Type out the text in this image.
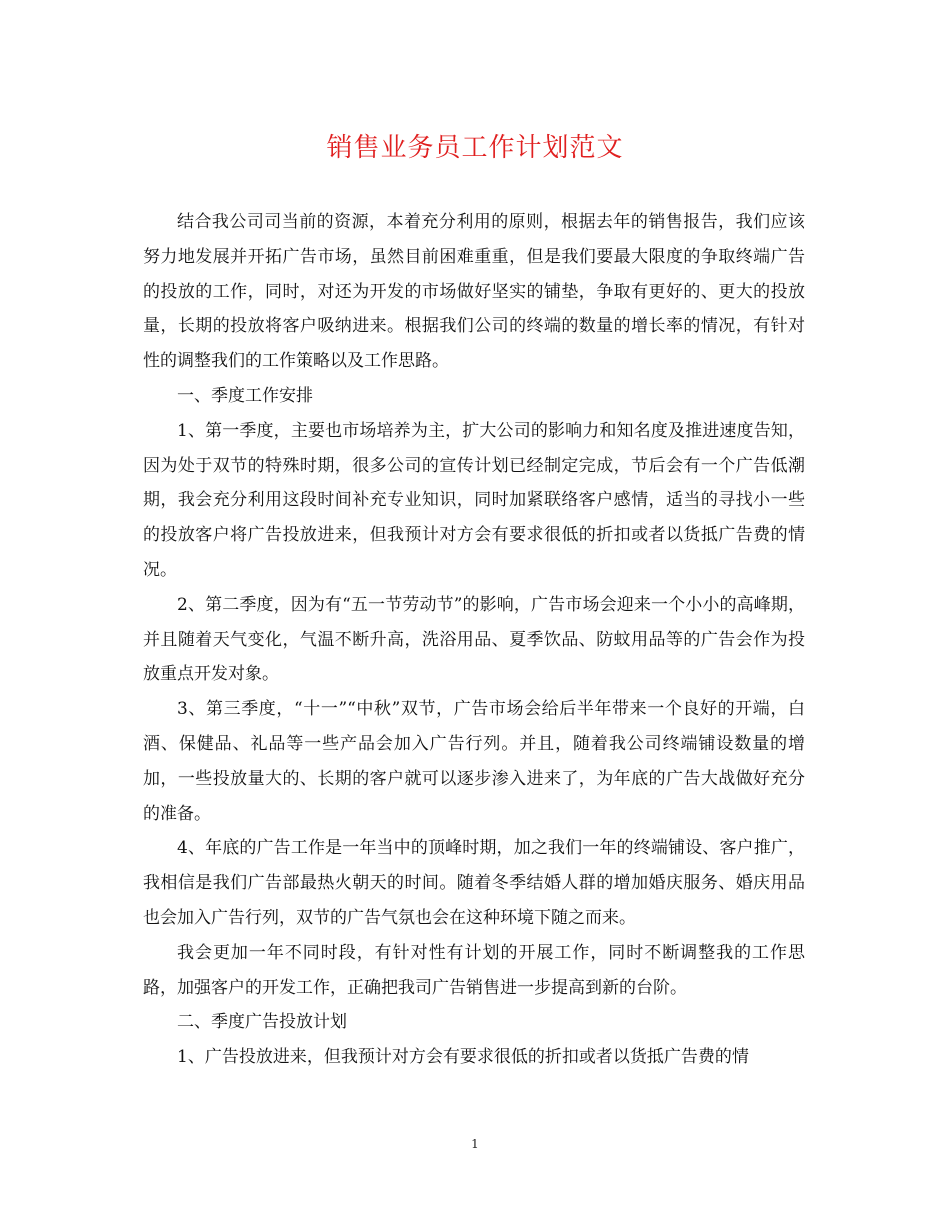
销售业务员工作计划范文

结合我公司司当前的资源，本着充分利用的原则，根据去年的销售报告，我们应该努力地发展并开拓广告市场，虽然目前困难重重，但是我们要最大限度的争取终端广告的投放的工作，同时，对还为开发的市场做好坚实的铺垫，争取有更好的、更大的投放量，长期的投放将客户吸纳进来。根据我们公司的终端的数量的增长率的情况，有针对性的调整我们的工作策略以及工作思路。

一、季度工作安排

1、第一季度，主要也市场培养为主，扩大公司的影响力和知名度及推进速度告知，因为处于双节的特殊时期，很多公司的宣传计划已经制定完成，节后会有一个广告低潮期，我会充分利用这段时间补充专业知识，同时加紧联络客户感情，适当的寻找小一些的投放客户将广告投放进来，但我预计对方会有要求很低的折扣或者以货抵广告费的情况。

2、第二季度，因为有“五一节劳动节”的影响，广告市场会迎来一个小小的高峰期，并且随着天气变化，气温不断升高，洗浴用品、夏季饮品、防蚊用品等的广告会作为投放重点开发对象。

3、第三季度，“十一”“中秋”双节，广告市场会给后半年带来一个良好的开端，白酒、保健品、礼品等一些产品会加入广告行列。并且，随着我公司终端铺设数量的增加，一些投放量大的、长期的客户就可以逐步渗入进来了，为年底的广告大战做好充分的准备。

4、年底的广告工作是一年当中的顶峰时期，加之我们一年的终端铺设、客户推广，我相信是我们广告部最热火朝天的时间。随着冬季结婚人群的增加婚庆服务、婚庆用品也会加入广告行列，双节的广告气氛也会在这种环境下随之而来。

我会更加一年不同时段，有针对性有计划的开展工作，同时不断调整我的工作思路，加强客户的开发工作，正确把我司广告销售进一步提高到新的台阶。

二、季度广告投放计划

1、广告投放进来，但我预计对方会有要求很低的折扣或者以货抵广告费的情

1
